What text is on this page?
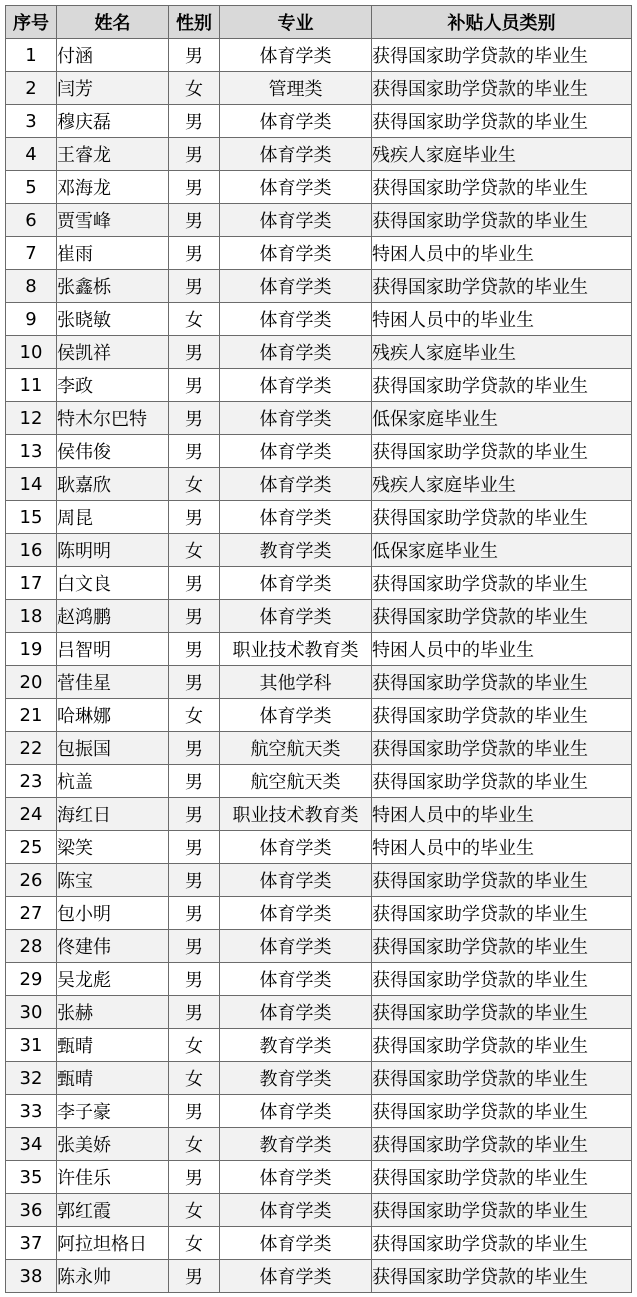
序号	姓名	性别	专业	补贴人员类别
1	付涵	男	体育学类	获得国家助学贷款的毕业生
2	闫芳	女	管理类	获得国家助学贷款的毕业生
3	穆庆磊	男	体育学类	获得国家助学贷款的毕业生
4	王睿龙	男	体育学类	残疾人家庭毕业生
5	邓海龙	男	体育学类	获得国家助学贷款的毕业生
6	贾雪峰	男	体育学类	获得国家助学贷款的毕业生
7	崔雨	男	体育学类	特困人员中的毕业生
8	张鑫栎	男	体育学类	获得国家助学贷款的毕业生
9	张晓敏	女	体育学类	特困人员中的毕业生
10	侯凯祥	男	体育学类	残疾人家庭毕业生
11	李政	男	体育学类	获得国家助学贷款的毕业生
12	特木尔巴特	男	体育学类	低保家庭毕业生
13	侯伟俊	男	体育学类	获得国家助学贷款的毕业生
14	耿嘉欣	女	体育学类	残疾人家庭毕业生
15	周昆	男	体育学类	获得国家助学贷款的毕业生
16	陈明明	女	教育学类	低保家庭毕业生
17	白文良	男	体育学类	获得国家助学贷款的毕业生
18	赵鸿鹏	男	体育学类	获得国家助学贷款的毕业生
19	吕智明	男	职业技术教育类	特困人员中的毕业生
20	菅佳星	男	其他学科	获得国家助学贷款的毕业生
21	哈琳娜	女	体育学类	获得国家助学贷款的毕业生
22	包振国	男	航空航天类	获得国家助学贷款的毕业生
23	杭盖	男	航空航天类	获得国家助学贷款的毕业生
24	海红日	男	职业技术教育类	特困人员中的毕业生
25	梁笑	男	体育学类	特困人员中的毕业生
26	陈宝	男	体育学类	获得国家助学贷款的毕业生
27	包小明	男	体育学类	获得国家助学贷款的毕业生
28	佟建伟	男	体育学类	获得国家助学贷款的毕业生
29	吴龙彪	男	体育学类	获得国家助学贷款的毕业生
30	张赫	男	体育学类	获得国家助学贷款的毕业生
31	甄晴	女	教育学类	获得国家助学贷款的毕业生
32	甄晴	女	教育学类	获得国家助学贷款的毕业生
33	李子豪	男	体育学类	获得国家助学贷款的毕业生
34	张美娇	女	教育学类	获得国家助学贷款的毕业生
35	许佳乐	男	体育学类	获得国家助学贷款的毕业生
36	郭红霞	女	体育学类	获得国家助学贷款的毕业生
37	阿拉坦格日	女	体育学类	获得国家助学贷款的毕业生
38	陈永帅	男	体育学类	获得国家助学贷款的毕业生
